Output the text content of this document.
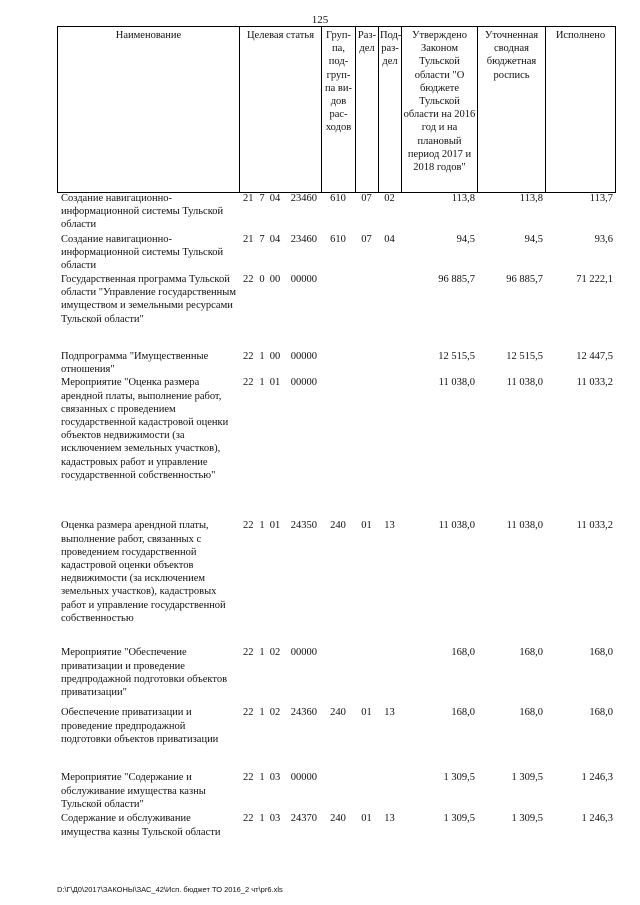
125
Наименование	Целевая статья	Груп-па, под-груп-па ви-дов рас-ходов	Раз-дел	Под-раз-дел	Утверждено Законом Тульской области "О бюджете Тульской области на 2016 год и на плановый период 2017 и 2018 годов"	Уточненная сводная бюджетная роспись	Исполнено
Создание навигационно-информационной системы Тульской области	21 7 04 23460	610	07	02	113,8	113,8	113,7
Создание навигационно-информационной системы Тульской области	21 7 04 23460	610	07	04	94,5	94,5	93,6
Государственная программа Тульской области "Управление государственным имуществом и земельными ресурсами Тульской области"	22 0 00 00000				96 885,7	96 885,7	71 222,1
Подпрограмма "Имущественные отношения"	22 1 00 00000				12 515,5	12 515,5	12 447,5
Мероприятие "Оценка размера арендной платы, выполнение работ, связанных с проведением государственной кадастровой оценки объектов недвижимости (за исключением земельных участков), кадастровых работ и управление государственной собственностью"	22 1 01 00000				11 038,0	11 038,0	11 033,2
Оценка размера арендной платы, выполнение работ, связанных с проведением государственной кадастровой оценки объектов недвижимости (за исключением земельных участков), кадастровых работ и управление государственной собственностью	22 1 01 24350	240	01	13	11 038,0	11 038,0	11 033,2
Мероприятие "Обеспечение приватизации и проведение предпродажной подготовки объектов приватизации"	22 1 02 00000				168,0	168,0	168,0
Обеспечение приватизации и проведение предпродажной подготовки объектов приватизации	22 1 02 24360	240	01	13	168,0	168,0	168,0
Мероприятие "Содержание и обслуживание имущества казны Тульской области"	22 1 03 00000				1 309,5	1 309,5	1 246,3
Содержание и обслуживание имущества казны Тульской области	22 1 03 24370	240	01	13	1 309,5	1 309,5	1 246,3
D:\Г\Д0\2017\ЗАКОНЫ\ЗАС_42\Исп. бюджет ТО 2016_2 чт\pr6.xls
